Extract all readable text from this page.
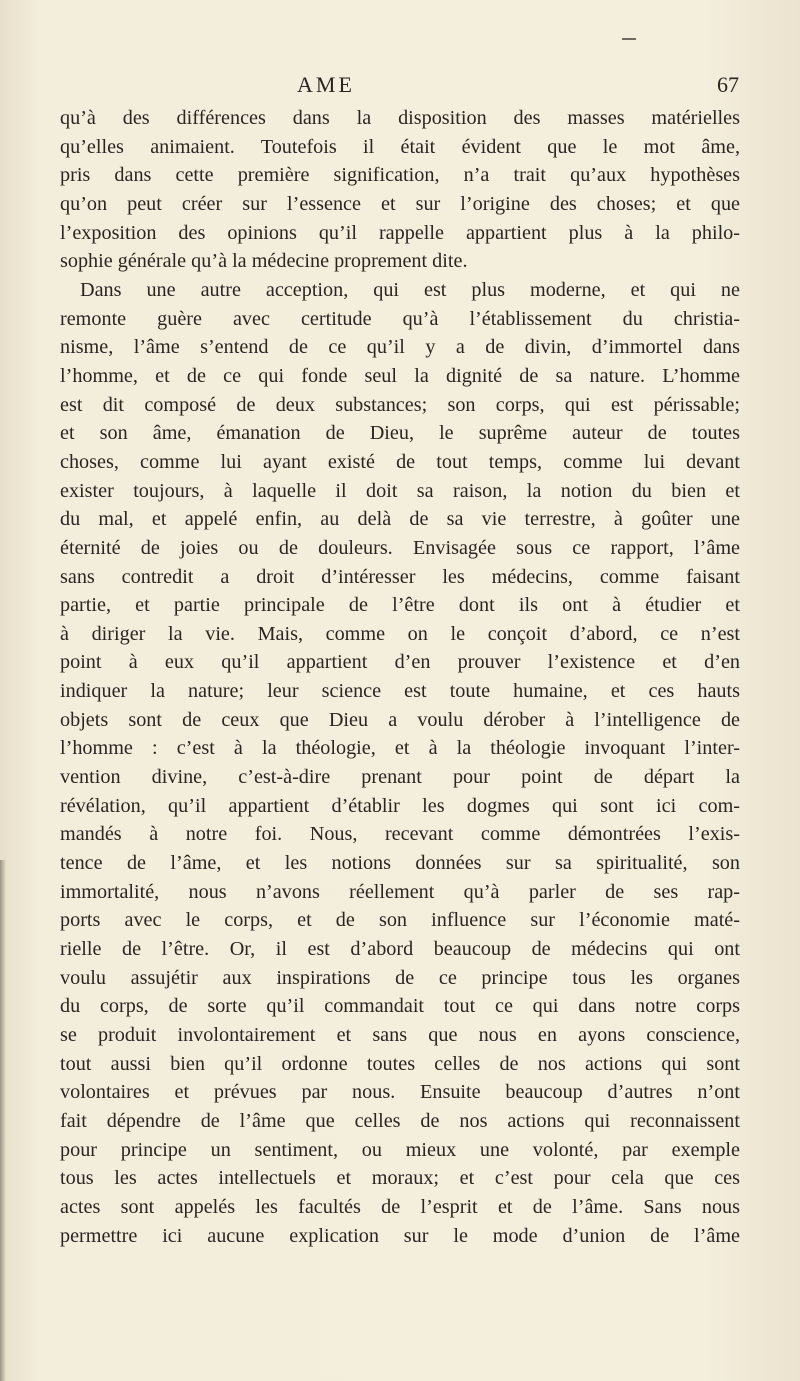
AME	67
qu’à des différences dans la disposition des masses matérielles
qu’elles animaient. Toutefois il était évident que le mot âme,
pris dans cette première signification, n’a trait qu’aux hypothèses
qu’on peut créer sur l’essence et sur l’origine des choses; et que
l’exposition des opinions qu’il rappelle appartient plus à la philo-
sophie générale qu’à la médecine proprement dite.
Dans une autre acception, qui est plus moderne, et qui ne
remonte guère avec certitude qu’à l’établissement du christia-
nisme, l’âme s’entend de ce qu’il y a de divin, d’immortel dans
l’homme, et de ce qui fonde seul la dignité de sa nature. L’homme
est dit composé de deux substances; son corps, qui est périssable;
et son âme, émanation de Dieu, le suprême auteur de toutes
choses, comme lui ayant existé de tout temps, comme lui devant
exister toujours, à laquelle il doit sa raison, la notion du bien et
du mal, et appelé enfin, au delà de sa vie terrestre, à goûter une
éternité de joies ou de douleurs. Envisagée sous ce rapport, l’âme
sans contredit a droit d’intéresser les médecins, comme faisant
partie, et partie principale de l’être dont ils ont à étudier et
à diriger la vie. Mais, comme on le conçoit d’abord, ce n’est
point à eux qu’il appartient d’en prouver l’existence et d’en
indiquer la nature; leur science est toute humaine, et ces hauts
objets sont de ceux que Dieu a voulu dérober à l’intelligence de
l’homme : c’est à la théologie, et à la théologie invoquant l’inter-
vention divine, c’est-à-dire prenant pour point de départ la
révélation, qu’il appartient d’établir les dogmes qui sont ici com-
mandés à notre foi. Nous, recevant comme démontrées l’exis-
tence de l’âme, et les notions données sur sa spiritualité, son
immortalité, nous n’avons réellement qu’à parler de ses rap-
ports avec le corps, et de son influence sur l’économie maté-
rielle de l’être. Or, il est d’abord beaucoup de médecins qui ont
voulu assujétir aux inspirations de ce principe tous les organes
du corps, de sorte qu’il commandait tout ce qui dans notre corps
se produit involontairement et sans que nous en ayons conscience,
tout aussi bien qu’il ordonne toutes celles de nos actions qui sont
volontaires et prévues par nous. Ensuite beaucoup d’autres n’ont
fait dépendre de l’âme que celles de nos actions qui reconnaissent
pour principe un sentiment, ou mieux une volonté, par exemple
tous les actes intellectuels et moraux; et c’est pour cela que ces
actes sont appelés les facultés de l’esprit et de l’âme. Sans nous
permettre ici aucune explication sur le mode d’union de l’âme
